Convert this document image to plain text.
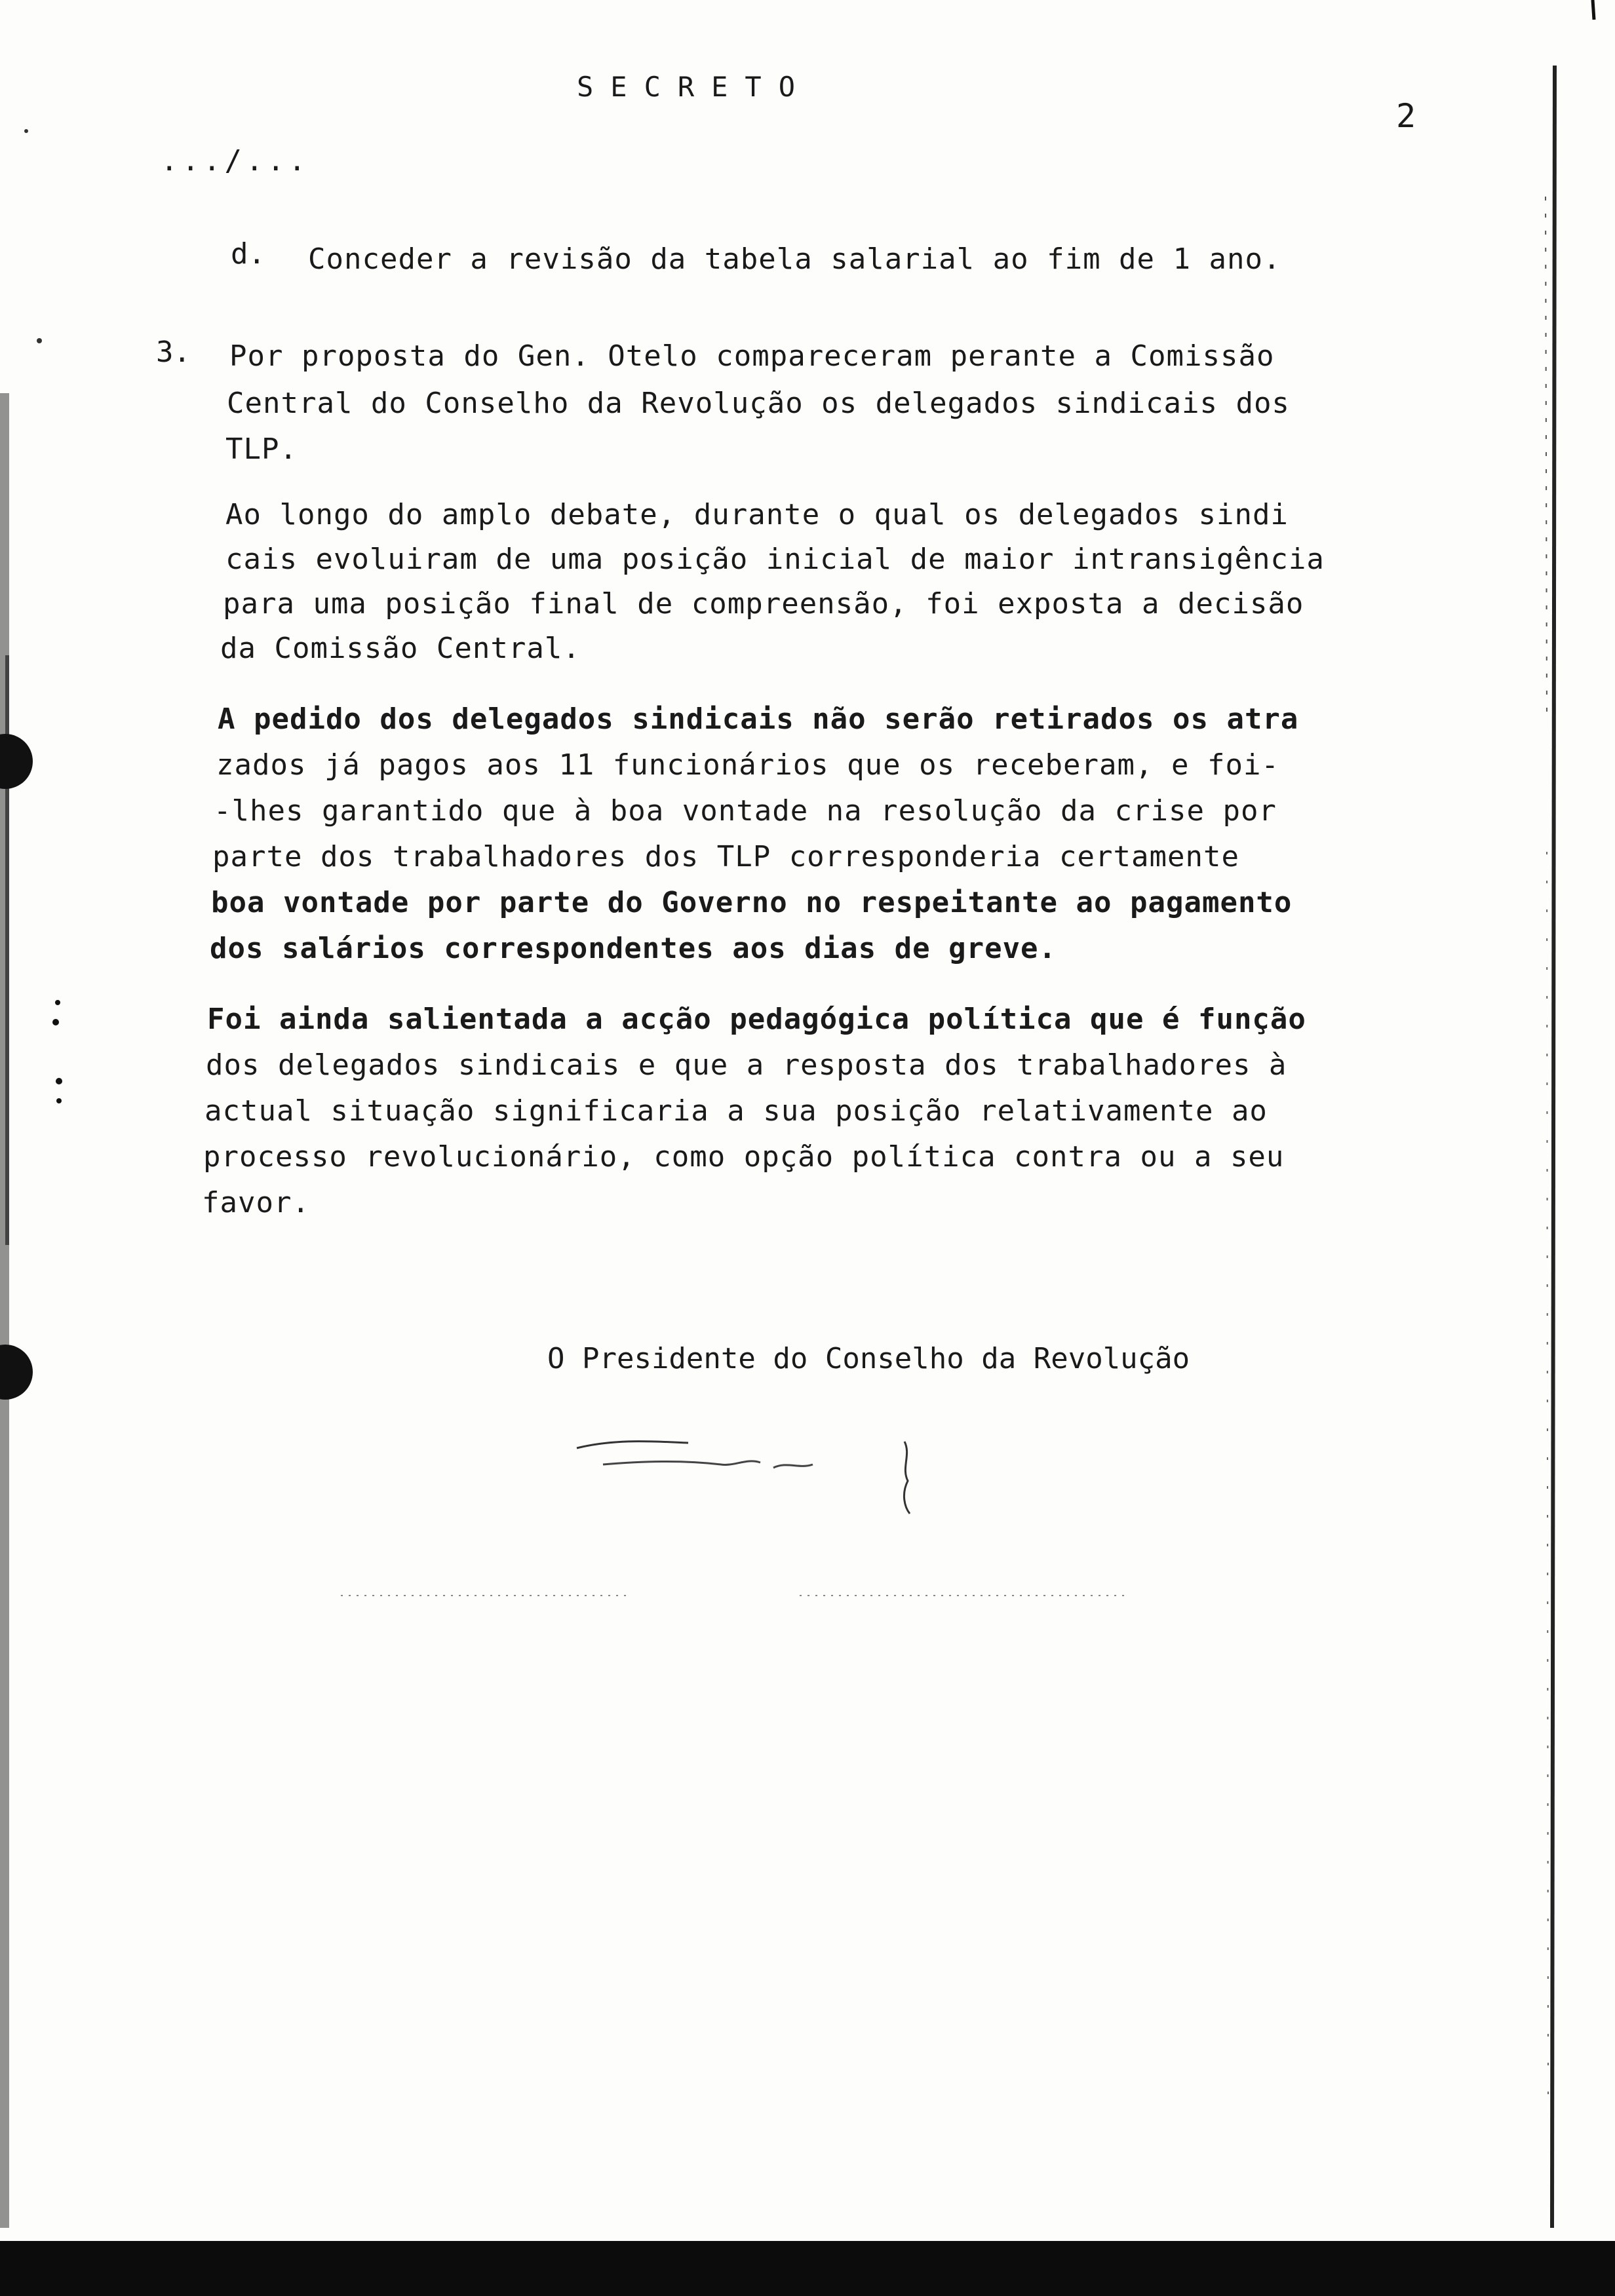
SECRETO
2
.../...
d. Conceder a revisão da tabela salarial ao fim de 1 ano.
3. Por proposta do Gen. Otelo compareceram perante a Comissão
Central do Conselho da Revolução os delegados sindicais dos
TLP.
Ao longo do amplo debate, durante o qual os delegados sindi
cais evoluiram de uma posição inicial de maior intransigência
para uma posição final de compreensão, foi exposta a decisão
da Comissão Central.
A pedido dos delegados sindicais não serão retirados os atra
zados já pagos aos 11 funcionários que os receberam, e foi-
-lhes garantido que à boa vontade na resolução da crise por
parte dos trabalhadores dos TLP corresponderia certamente
boa vontade por parte do Governo no respeitante ao pagamento
dos salários correspondentes aos dias de greve.
Foi ainda salientada a acção pedagógica política que é função
dos delegados sindicais e que a resposta dos trabalhadores à
actual situação significaria a sua posição relativamente ao
processo revolucionário, como opção política contra ou a seu
favor.
O Presidente do Conselho da Revolução
